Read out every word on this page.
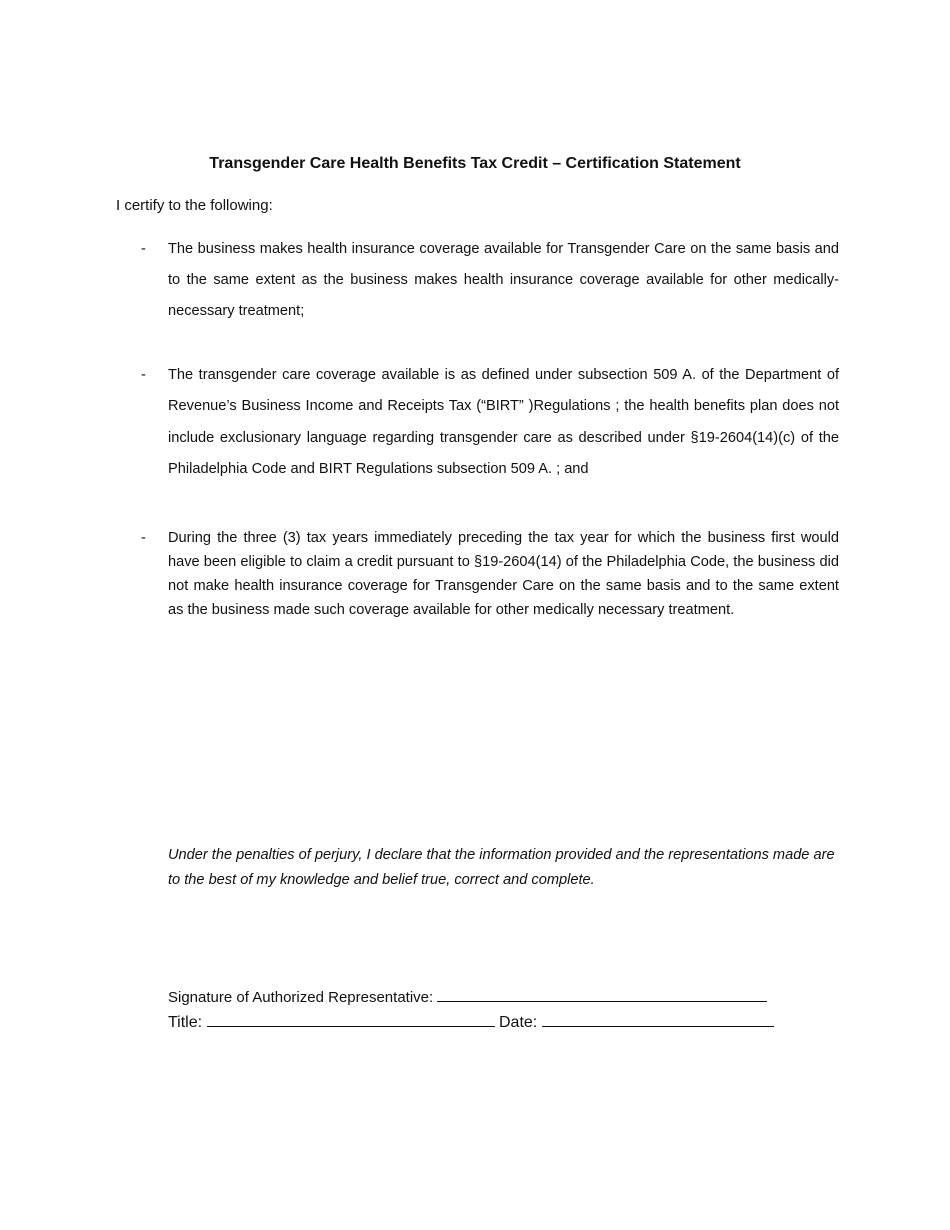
Transgender Care Health Benefits Tax Credit – Certification Statement
I certify to the following:
- The business makes health insurance coverage available for Transgender Care on the same basis and to the same extent as the business makes health insurance coverage available for other medically-necessary treatment;
- The transgender care coverage available is as defined under subsection 509 A. of the Department of Revenue’s Business Income and Receipts Tax (“BIRT” )Regulations ; the health benefits plan does not include exclusionary language regarding transgender care as described under §19-2604(14)(c) of the Philadelphia Code and BIRT Regulations subsection 509 A. ; and
- During the three (3) tax years immediately preceding the tax year for which the business first would have been eligible to claim a credit pursuant to §19-2604(14) of the Philadelphia Code, the business did not make health insurance coverage for Transgender Care on the same basis and to the same extent as the business made such coverage available for other medically necessary treatment.
Under the penalties of perjury, I declare that the information provided and the representations made are to the best of my knowledge and belief true, correct and complete.
Signature of Authorized Representative:
Title:	Date:
